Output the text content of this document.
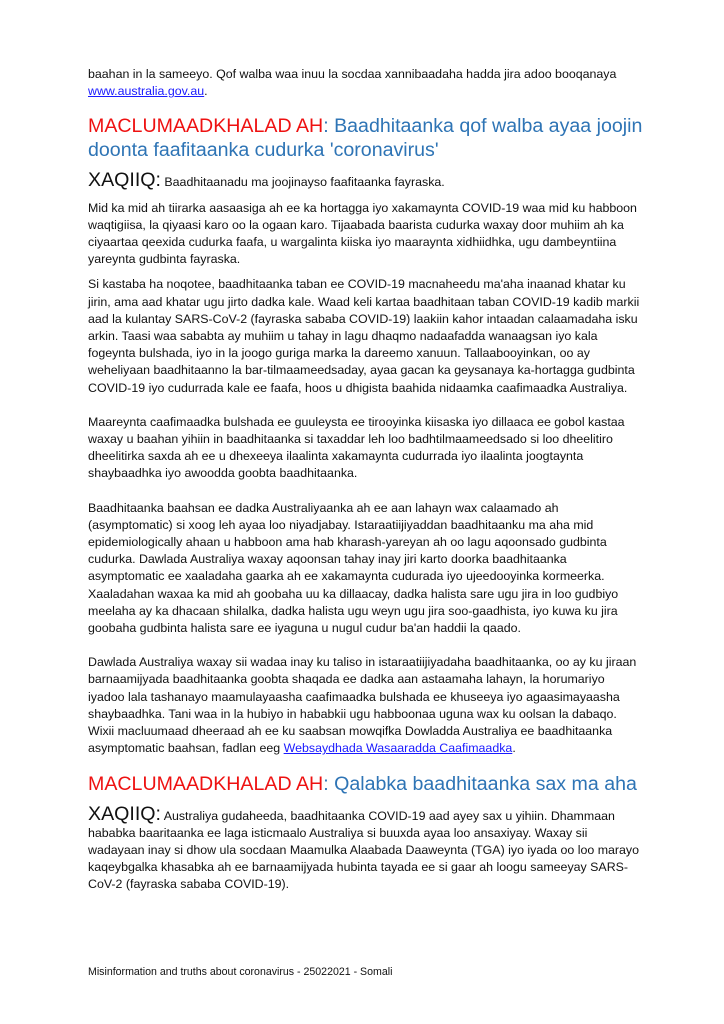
baahan in la sameeyo. Qof walba waa inuu la socdaa xannibaadaha hadda jira adoo booqanaya www.australia.gov.au.

MACLUMAADKHALAD AH: Baadhitaanka qof walba ayaa joojin doonta faafitaanka cudurka 'coronavirus'

XAQIIQ: Baadhitaanadu ma joojinayso faafitaanka fayraska.

Mid ka mid ah tiirarka aasaasiga ah ee ka hortagga iyo xakamaynta COVID-19 waa mid ku habboon waqtigiisa, la qiyaasi karo oo la ogaan karo. Tijaabada baarista cudurka waxay door muhiim ah ka ciyaartaa qeexida cudurka faafa, u wargalinta kiiska iyo maaraynta xidhiidhka, ugu dambeyntiina yareynta gudbinta fayraska.

Si kastaba ha noqotee, baadhitaanka taban ee COVID-19 macnaheedu ma'aha inaanad khatar ku jirin, ama aad khatar ugu jirto dadka kale. Waad keli kartaa baadhitaan taban COVID-19 kadib markii aad la kulantay SARS-CoV-2 (fayraska sababa COVID-19) laakiin kahor intaadan calaamadaha isku arkin. Taasi waa sababta ay muhiim u tahay in lagu dhaqmo nadaafadda wanaagsan iyo kala fogeynta bulshada, iyo in la joogo guriga marka la dareemo xanuun. Tallaabooyinkan, oo ay weheliyaan baadhitaanno la bar-tilmaameedsaday, ayaa gacan ka geysanaya ka-hortagga gudbinta COVID-19 iyo cudurrada kale ee faafa, hoos u dhigista baahida nidaamka caafimaadka Australiya.

Maareynta caafimaadka bulshada ee guuleysta ee tirooyinka kiisaska iyo dillaaca ee gobol kastaa waxay u baahan yihiin in baadhitaanka si taxaddar leh loo badhtilmaameedsado si loo dheelitiro dheelitirka saxda ah ee u dhexeeya ilaalinta xakamaynta cudurrada iyo ilaalinta joogtaynta shaybaadhka iyo awoodda goobta baadhitaanka.

Baadhitaanka baahsan ee dadka Australiyaanka ah ee aan lahayn wax calaamado ah (asymptomatic) si xoog leh ayaa loo niyadjabay. Istaraatiijiyaddan baadhitaanku ma aha mid epidemiologically ahaan u habboon ama hab kharash-yareyan ah oo lagu aqoonsado gudbinta cudurka. Dawlada Australiya waxay aqoonsan tahay inay jiri karto doorka baadhitaanka asymptomatic ee xaaladaha gaarka ah ee xakamaynta cudurada iyo ujeedooyinka kormeerka. Xaaladahan waxaa ka mid ah goobaha uu ka dillaacay, dadka halista sare ugu jira in loo gudbiyo meelaha ay ka dhacaan shilalka, dadka halista ugu weyn ugu jira soo-gaadhista, iyo kuwa ku jira goobaha gudbinta halista sare ee iyaguna u nugul cudur ba'an haddii la qaado.

Dawlada Australiya waxay sii wadaa inay ku taliso in istaraatiijiyadaha baadhitaanka, oo ay ku jiraan barnaamijyada baadhitaanka goobta shaqada ee dadka aan astaamaha lahayn, la horumariyo iyadoo lala tashanayo maamulayaasha caafimaadka bulshada ee khuseeya iyo agaasimayaasha shaybaadhka. Tani waa in la hubiyo in hababkii ugu habboonaa uguna wax ku oolsan la dabaqo. Wixii macluumaad dheeraad ah ee ku saabsan mowqifka Dowladda Australiya ee baadhitaanka asymptomatic baahsan, fadlan eeg Websaydhada Wasaaradda Caafimaadka.

MACLUMAADKHALAD AH: Qalabka baadhitaanka sax ma aha

XAQIIQ: Australiya gudaheeda, baadhitaanka COVID-19 aad ayey sax u yihiin. Dhammaan hababka baaritaanka ee laga isticmaalo Australiya si buuxda ayaa loo ansaxiyay. Waxay sii wadayaan inay si dhow ula socdaan Maamulka Alaabada Daaweynta (TGA) iyo iyada oo loo marayo kaqeybgalka khasabka ah ee barnaamijyada hubinta tayada ee si gaar ah loogu sameeyay SARS-CoV-2 (fayraska sababa COVID-19).

Misinformation and truths about coronavirus - 25022021 - Somali
